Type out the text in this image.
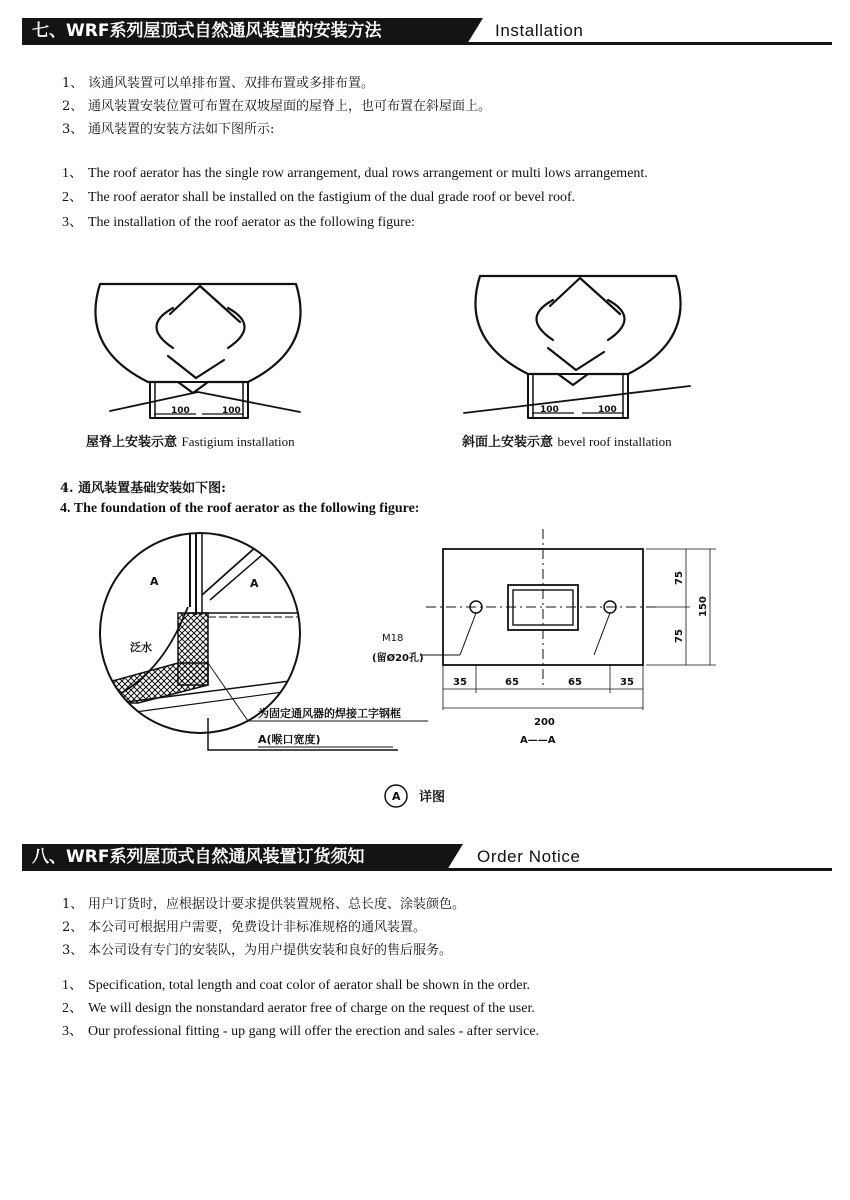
七、WRF系列屋顶式自然通风装置的安装方法	Installation
1、 该通风装置可以单排布置、双排布置或多排布置。
2、 通风装置安装位置可布置在双坡屋面的屋脊上，也可布置在斜屋面上。
3、 通风装置的安装方法如下图所示:
1、 The roof aerator has the single row arrangement, dual rows arrangement or multi lows arrangement.
2、 The roof aerator shall be installed on the fastigium of the dual grade roof or bevel roof.
3、 The installation of the roof aerator as the following figure:
100	100
屋脊上安装示意 Fastigium installation
100	100
斜面上安装示意 bevel roof installation
4. 通风装置基础安装如下图:
4. The foundation of the roof aerator as the following figure:
A	A
泛水
为固定通风器的焊接工字钢框
A(喉口宽度)
M18
(留Ø20孔)
35	65	65	35
200
A——A
75
75
150
A 详图
八、WRF系列屋顶式自然通风装置订货须知	Order Notice
1、 用户订货时，应根据设计要求提供装置规格、总长度、涂装颜色。
2、 本公司可根据用户需要，免费设计非标准规格的通风装置。
3、 本公司设有专门的安装队，为用户提供安装和良好的售后服务。
1、 Specification, total length and coat color of aerator shall be shown in the order.
2、 We will design the nonstandard aerator free of charge on the request of the user.
3、 Our professional fitting - up gang will offer the erection and sales - after service.
